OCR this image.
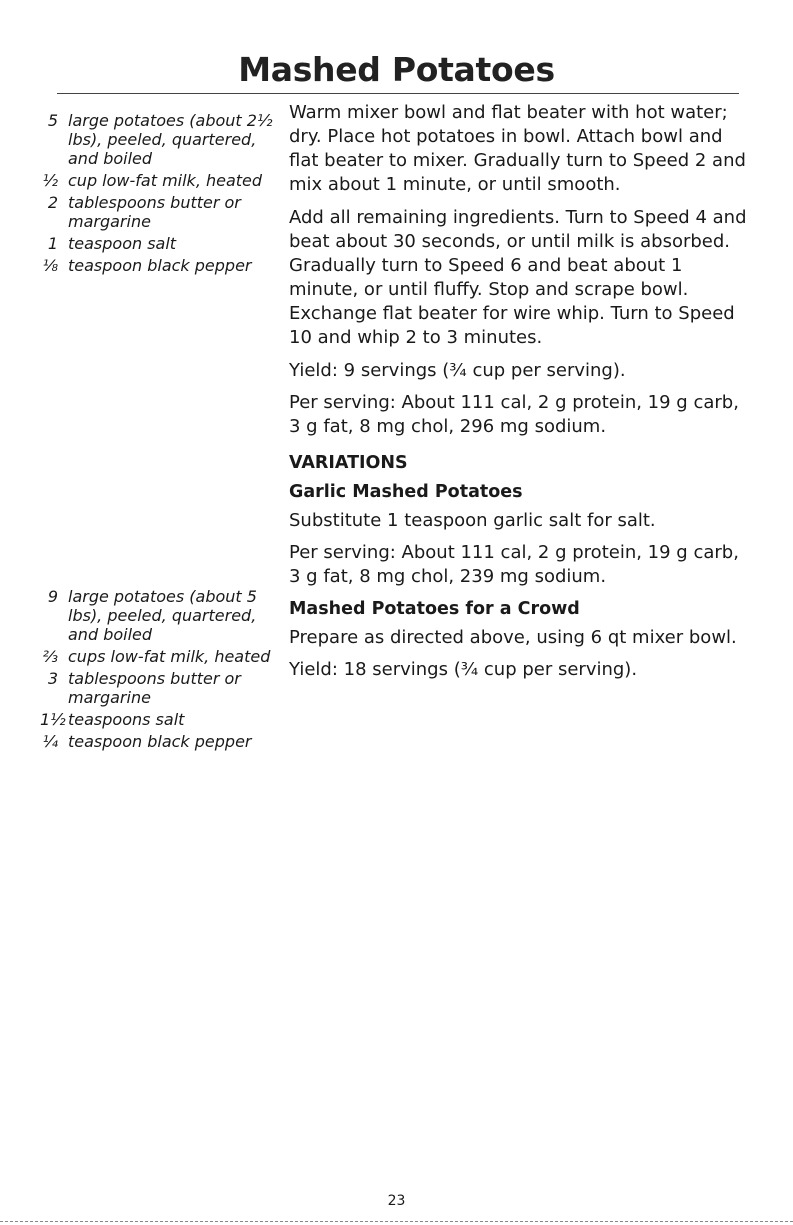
Mashed Potatoes
5 large potatoes (about 2½ lbs), peeled, quartered, and boiled
½ cup low-fat milk, heated
2 tablespoons butter or margarine
1 teaspoon salt
⅛ teaspoon black pepper
9 large potatoes (about 5 lbs), peeled, quartered, and boiled
⅔ cups low-fat milk, heated
3 tablespoons butter or margarine
1½ teaspoons salt
¼ teaspoon black pepper

Warm mixer bowl and flat beater with hot water; dry. Place hot potatoes in bowl. Attach bowl and flat beater to mixer. Gradually turn to Speed 2 and mix about 1 minute, or until smooth.

Add all remaining ingredients. Turn to Speed 4 and beat about 30 seconds, or until milk is absorbed. Gradually turn to Speed 6 and beat about 1 minute, or until fluffy. Stop and scrape bowl. Exchange flat beater for wire whip. Turn to Speed 10 and whip 2 to 3 minutes.

Yield: 9 servings (¾ cup per serving).

Per serving: About 111 cal, 2 g protein, 19 g carb, 3 g fat, 8 mg chol, 296 mg sodium.

VARIATIONS
Garlic Mashed Potatoes

Substitute 1 teaspoon garlic salt for salt.

Per serving: About 111 cal, 2 g protein, 19 g carb, 3 g fat, 8 mg chol, 239 mg sodium.

Mashed Potatoes for a Crowd

Prepare as directed above, using 6 qt mixer bowl.

Yield: 18 servings (¾ cup per serving).

23
